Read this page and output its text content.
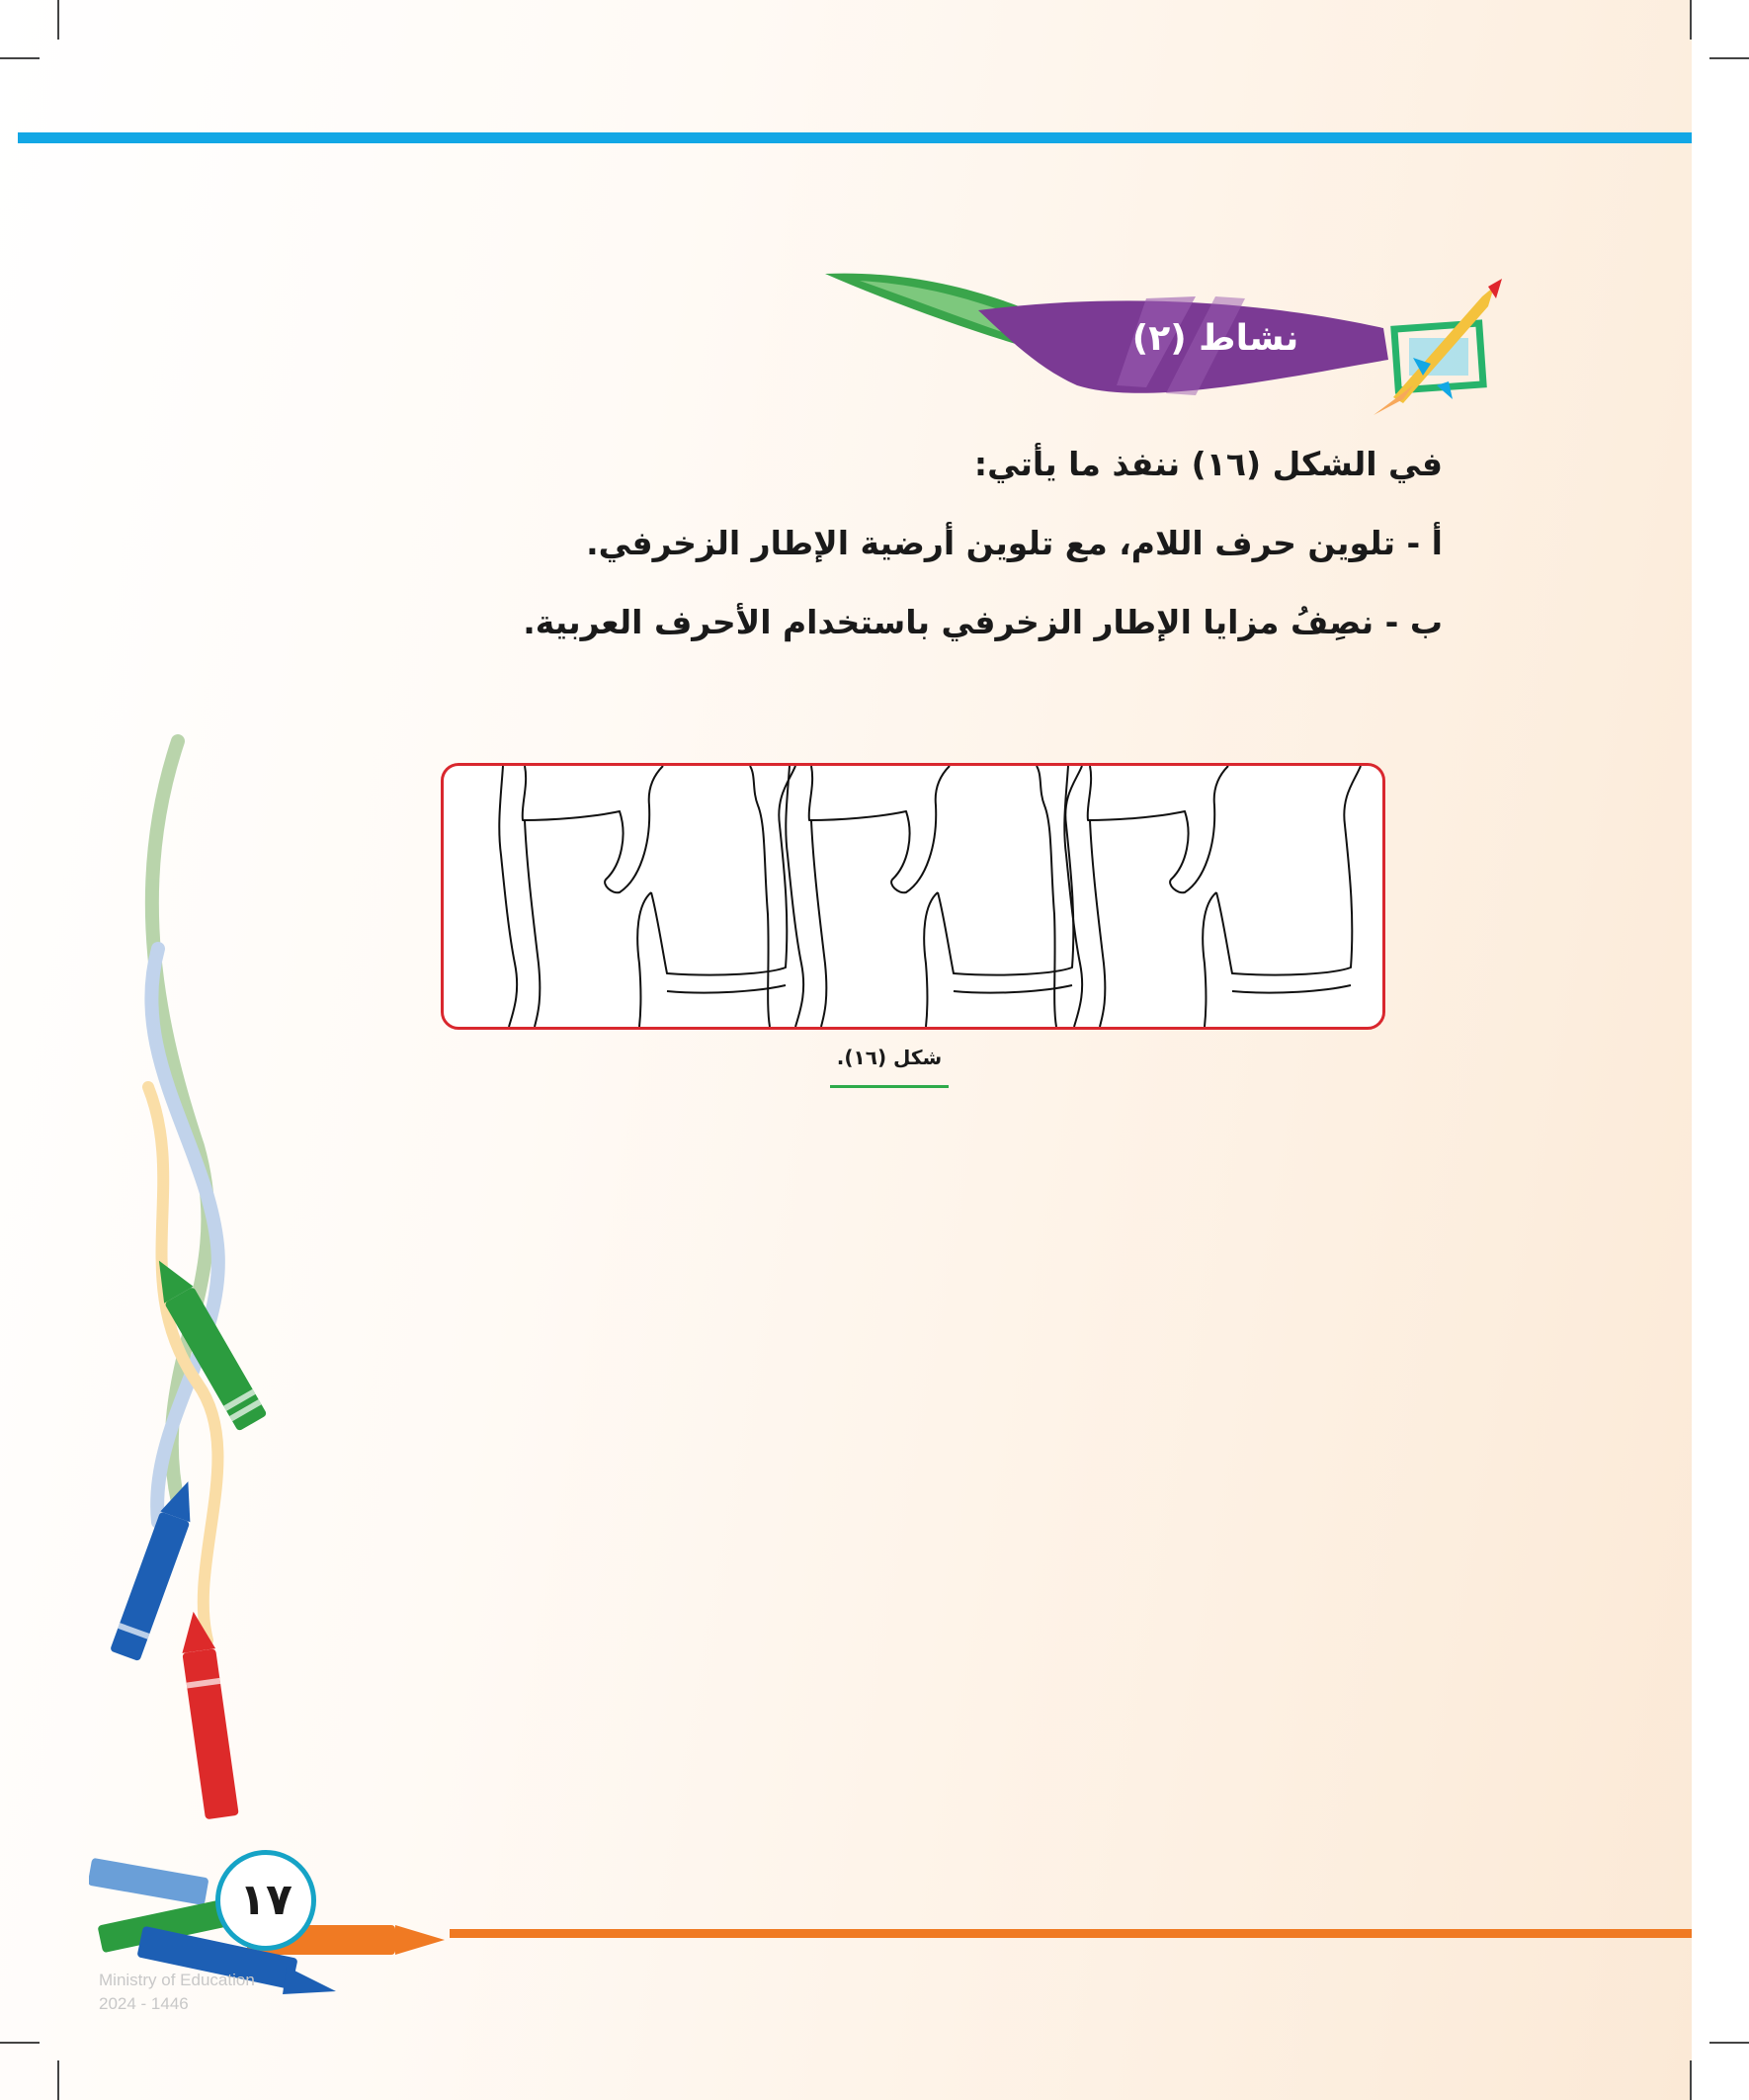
نشاط (٢)

في الشكل (١٦) ننفذ ما يأتي:

أ - تلوين حرف اللام، مع تلوين أرضية الإطار الزخرفي.

ب - نصِفُ مزايا الإطار الزخرفي باستخدام الأحرف العربية.

شكل (١٦).
١٧
Ministry of Education
2024 - 1446
